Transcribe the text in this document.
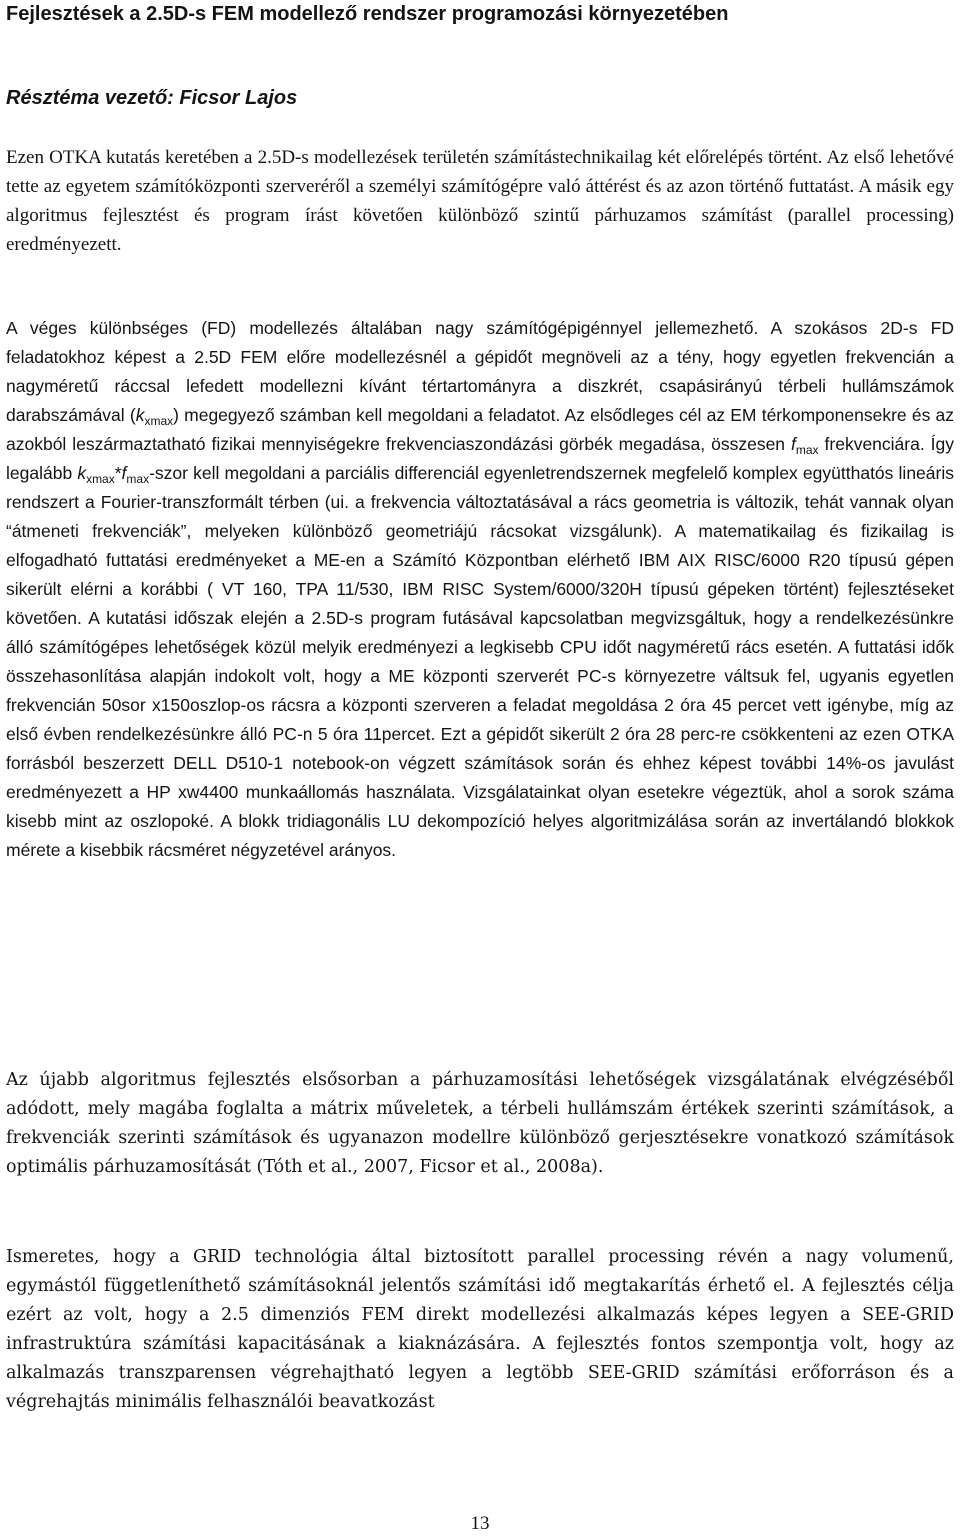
Fejlesztések a 2.5D-s FEM modellező rendszer programozási környezetében
Résztéma vezető: Ficsor Lajos

Ezen OTKA kutatás keretében a 2.5D-s modellezések területén számítástechnikailag két előrelépés történt. Az első lehetővé tette az egyetem számítóközponti szerveréről a személyi számítógépre való áttérést és az azon történő futtatást. A másik egy algoritmus fejlesztést és program írást követően különböző szintű párhuzamos számítást (parallel processing) eredményezett.

A véges különbséges (FD) modellezés általában nagy számítógépigénnyel jellemezhető. A szokásos 2D-s FD feladatokhoz képest a 2.5D FEM előre modellezésnél a gépidőt megnöveli az a tény, hogy egyetlen frekvencián a nagyméretű ráccsal lefedett modellezni kívánt tértartományra a diszkrét, csapásirányú térbeli hullámszámok darabszámával $(k_{xmax})$ megegyező számban kell megoldani a feladatot. Az elsődleges cél az EM térkomponensekre és az azokból leszármaztatható fizikai mennyiségekre frekvenciaszondázási görbék megadása, összesen $f_{max}$ frekvenciára. Így legalább $k_{xmax}*f_{max}$-szor kell megoldani a parciális differenciál egyenletrendszernek megfelelő komplex együtthatós lineáris rendszert a Fourier-transzformált térben (ui. a frekvencia változtatásával a rács geometria is változik, tehát vannak olyan “átmeneti frekvenciák”, melyeken különböző geometriájú rácsokat vizsgálunk). A matematikailag és fizikailag is elfogadható futtatási eredményeket a ME-en a Számító Központban elérhető IBM AIX RISC/6000 R20 típusú gépen sikerült elérni a korábbi ( VT 160, TPA 11/530, IBM RISC System/6000/320H típusú gépeken történt) fejlesztéseket követően. A kutatási időszak elején a 2.5D-s program futásával kapcsolatban megvizsgáltuk, hogy a rendelkezésünkre álló számítógépes lehetőségek közül melyik eredményezi a legkisebb CPU időt nagyméretű rács esetén. A futtatási idők összehasonlítása alapján indokolt volt, hogy a ME központi szerverét PC-s környezetre váltsuk fel, ugyanis egyetlen frekvencián 50sor x150oszlop-os rácsra a központi szerveren a feladat megoldása 2 óra 45 percet vett igénybe, míg az első évben rendelkezésünkre álló PC-n 5 óra 11percet. Ezt a gépidőt sikerült 2 óra 28 perc-re csökkenteni az ezen OTKA forrásból beszerzett DELL D510-1 notebook-on végzett számítások során és ehhez képest további 14%-os javulást eredményezett a HP xw4400 munkaállomás használata. Vizsgálatainkat olyan esetekre végeztük, ahol a sorok száma kisebb mint az oszlopoké. A blokk tridiagonális LU dekompozíció helyes algoritmizálása során az invertálandó blokkok mérete a kisebbik rácsméret négyzetével arányos.

Az újabb algoritmus fejlesztés elsősorban a párhuzamosítási lehetőségek vizsgálatának elvégzéséből adódott, mely magába foglalta a mátrix műveletek, a térbeli hullámszám értékek szerinti számítások, a frekvenciák szerinti számítások és ugyanazon modellre különböző gerjesztésekre vonatkozó számítások optimális párhuzamosítását (Tóth et al., 2007, Ficsor et al., 2008a).

Ismeretes, hogy a GRID technológia által biztosított parallel processing révén a nagy volumenű, egymástól függetleníthető számításoknál jelentős számítási idő megtakarítás érhető el. A fejlesztés célja ezért az volt, hogy a 2.5 dimenziós FEM direkt modellezési alkalmazás képes legyen a SEE-GRID infrastruktúra számítási kapacitásának a kiaknázására. A fejlesztés fontos szempontja volt, hogy az alkalmazás transzparensen végrehajtható legyen a legtöbb SEE-GRID számítási erőforráson és a végrehajtás minimális felhasználói beavatkozást

13
